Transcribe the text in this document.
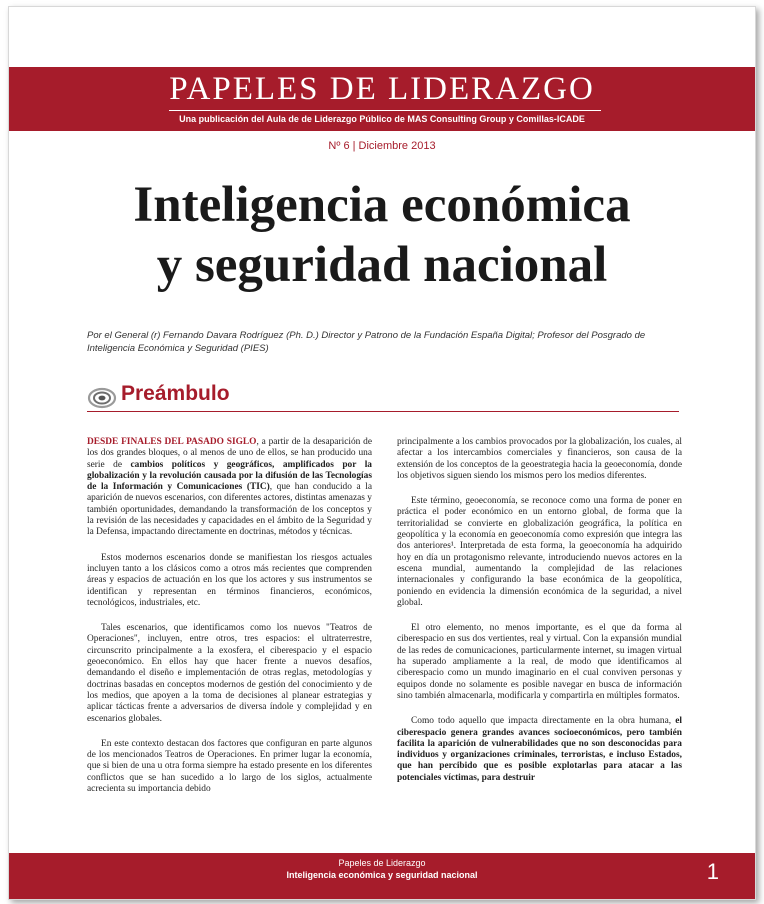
PAPELES DE LIDERAZGO
Una publicación del Aula de de Liderazgo Público de MAS Consulting Group y Comillas-ICADE
Nº 6 | Diciembre 2013
Inteligencia económica
y seguridad nacional
Por el General (r) Fernando Davara Rodríguez (Ph. D.) Director y Patrono de la Fundación España Digital; Profesor del Posgrado de Inteligencia Económica y Seguridad (PIES)
Preámbulo

DESDE FINALES DEL PASADO SIGLO, a partir de la desaparición de los dos grandes bloques, o al menos de uno de ellos, se han producido una serie de cambios políticos y geográficos, amplificados por la globalización y la revolución causada por la difusión de las Tecnologías de la Información y Comunicaciones (TIC), que han conducido a la aparición de nuevos escenarios, con diferentes actores, distintas amenazas y también oportunidades, demandando la transformación de los conceptos y la revisión de las necesidades y capacidades en el ámbito de la Seguridad y la Defensa, impactando directamente en doctrinas, métodos y técnicas.

Estos modernos escenarios donde se manifiestan los riesgos actuales incluyen tanto a los clásicos como a otros más recientes que comprenden áreas y espacios de actuación en los que los actores y sus instrumentos se identifican y representan en términos financieros, económicos, tecnológicos, industriales, etc.

Tales escenarios, que identificamos como los nuevos "Teatros de Operaciones", incluyen, entre otros, tres espacios: el ultraterrestre, circunscrito principalmente a la exosfera, el ciberespacio y el espacio geoeconómico. En ellos hay que hacer frente a nuevos desafíos, demandando el diseño e implementación de otras reglas, metodologías y doctrinas basadas en conceptos modernos de gestión del conocimiento y de los medios, que apoyen a la toma de decisiones al planear estrategias y aplicar tácticas frente a adversarios de diversa índole y complejidad y en escenarios globales.

En este contexto destacan dos factores que configuran en parte algunos de los mencionados Teatros de Operaciones. En primer lugar la economía, que si bien de una u otra forma siempre ha estado presente en los diferentes conflictos que se han sucedido a lo largo de los siglos, actualmente acrecienta su importancia debido

principalmente a los cambios provocados por la globalización, los cuales, al afectar a los intercambios comerciales y financieros, son causa de la extensión de los conceptos de la geoestrategia hacia la geoeconomía, donde los objetivos siguen siendo los mismos pero los medios diferentes.

Este término, geoeconomía, se reconoce como una forma de poner en práctica el poder económico en un entorno global, de forma que la territorialidad se convierte en globalización geográfica, la política en geopolítica y la economía en geoeconomía como expresión que integra las dos anteriores¹. Interpretada de esta forma, la geoeconomía ha adquirido hoy en día un protagonismo relevante, introduciendo nuevos actores en la escena mundial, aumentando la complejidad de las relaciones internacionales y configurando la base económica de la geopolítica, poniendo en evidencia la dimensión económica de la seguridad, a nivel global.

El otro elemento, no menos importante, es el que da forma al ciberespacio en sus dos vertientes, real y virtual. Con la expansión mundial de las redes de comunicaciones, particularmente internet, su imagen virtual ha superado ampliamente a la real, de modo que identificamos al ciberespacio como un mundo imaginario en el cual conviven personas y equipos donde no solamente es posible navegar en busca de información sino también almacenarla, modificarla y compartirla en múltiples formatos.

Como todo aquello que impacta directamente en la obra humana, el ciberespacio genera grandes avances socioeconómicos, pero también facilita la aparición de vulnerabilidades que no son desconocidas para individuos y organizaciones criminales, terroristas, e incluso Estados, que han percibido que es posible explotarlas para atacar a las potenciales víctimas, para destruir

Papeles de Liderazgo
Inteligencia económica y seguridad nacional	1
